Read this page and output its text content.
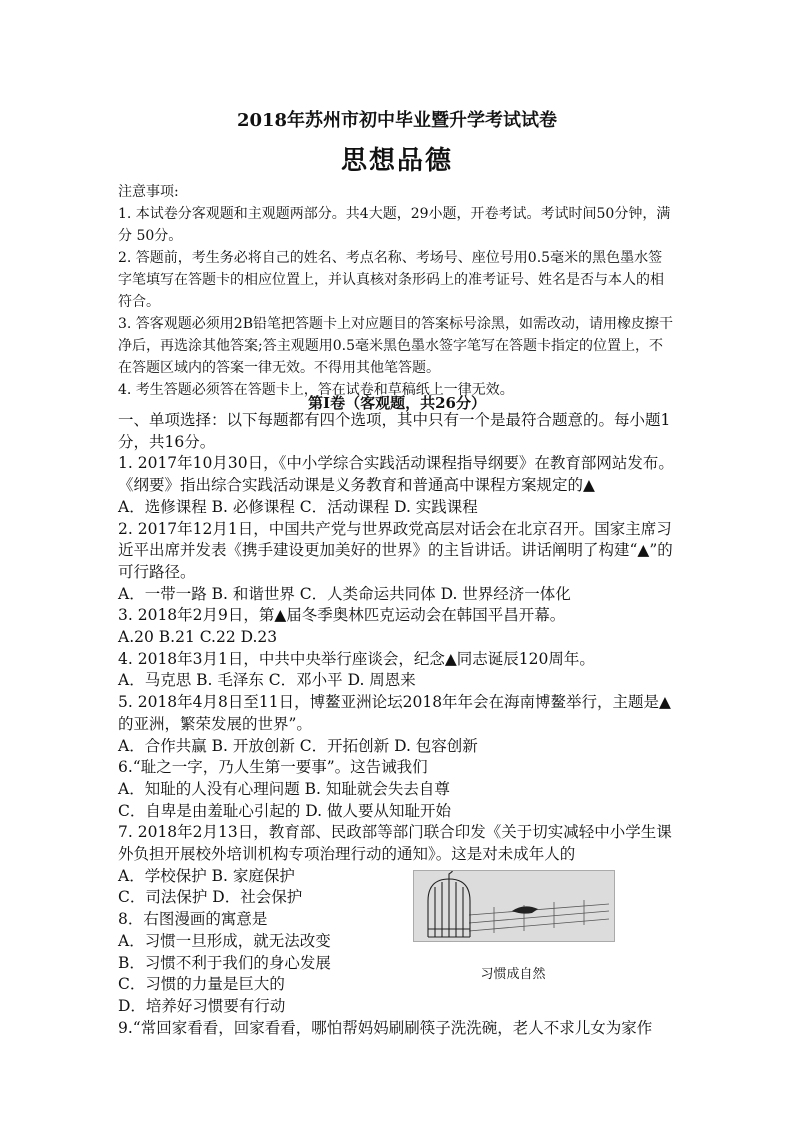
2018年苏州市初中毕业暨升学考试试卷
思想品德

注意事项:

1. 本试卷分客观题和主观题两部分。共4大题，29小题，开卷考试。考试时间50分钟，满分 50分。

2. 答题前，考生务必将自己的姓名、考点名称、考场号、座位号用0.5毫米的黑色墨水签字笔填写在答题卡的相应位置上，并认真核对条形码上的准考证号、姓名是否与本人的相符合。

3. 答客观题必须用2B铅笔把答题卡上对应题目的答案标号涂黑，如需改动，请用橡皮擦干净后，再选涂其他答案;答主观题用0.5毫米黑色墨水签字笔写在答题卡指定的位置上，不在答题区域内的答案一律无效。不得用其他笔答题。

4. 考生答题必须答在答题卡上，答在试卷和草稿纸上一律无效。

第Ⅰ卷（客观题，共26分）

一、单项选择：以下每题都有四个选项，其中只有一个是最符合题意的。每小题1分，共16分。

1. 2017年10月30日，《中小学综合实践活动课程指导纲要》在教育部网站发布。《纲要》指出综合实践活动课是义务教育和普通高中课程方案规定的▲

A．选修课程 B. 必修课程 C．活动课程 D. 实践课程

2. 2017年12月1日，中国共产党与世界政党高层对话会在北京召开。国家主席习近平出席并发表《携手建设更加美好的世界》的主旨讲话。讲话阐明了构建“▲”的可行路径。

A．一带一路 B. 和谐世界 C．人类命运共同体 D. 世界经济一体化

3. 2018年2月9日，第▲届冬季奥林匹克运动会在韩国平昌开幕。

A.20 B.21 C.22 D.23

4. 2018年3月1日，中共中央举行座谈会，纪念▲同志诞辰120周年。

A．马克思 B. 毛泽东 C．邓小平 D. 周恩来

5. 2018年4月8日至11日，博鳌亚洲论坛2018年年会在海南博鳌举行，主题是▲的亚洲，繁荣发展的世界”。

A．合作共赢 B. 开放创新 C．开拓创新 D. 包容创新

6.“耻之一字，乃人生第一要事”。这告诫我们

A．知耻的人没有心理问题 B. 知耻就会失去自尊

C．自卑是由羞耻心引起的 D. 做人要从知耻开始

7. 2018年2月13日，教育部、民政部等部门联合印发《关于切实减轻中小学生课外负担开展校外培训机构专项治理行动的通知》。这是对未成年人的

A．学校保护 B. 家庭保护

C．司法保护 D．社会保护

8．右图漫画的寓意是

A．习惯一旦形成，就无法改变

B．习惯不利于我们的身心发展

C．习惯的力量是巨大的

D．培养好习惯要有行动

9.“常回家看看，回家看看，哪怕帮妈妈刷刷筷子洗洗碗，老人不求儿女为家作

习惯成自然
